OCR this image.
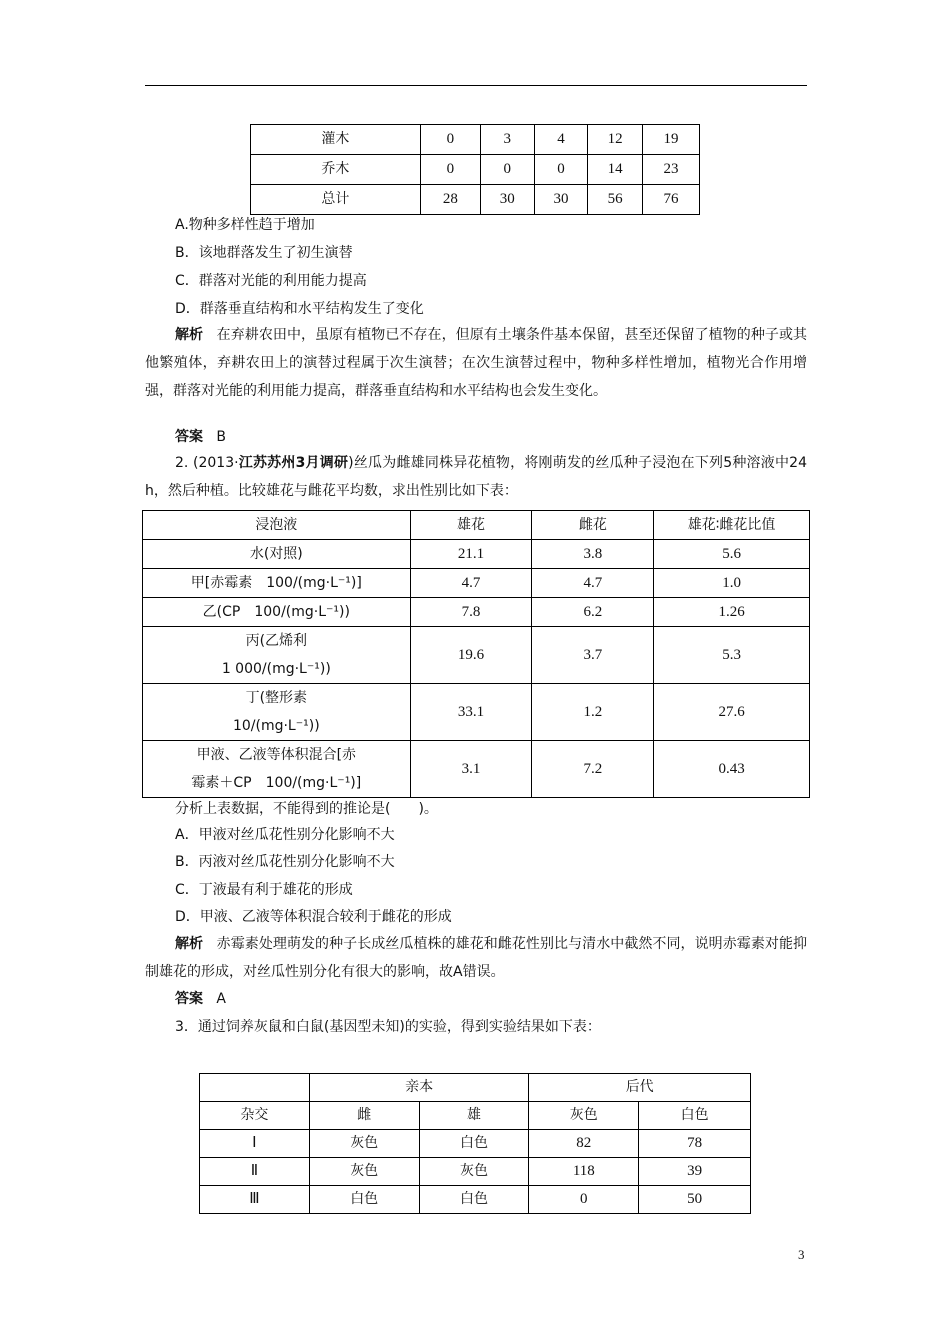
灌木	0	3	4	12	19
乔木	0	0	0	14	23
总计	28	30	30	56	76
A.物种多样性趋于增加
B．该地群落发生了初生演替
C．群落对光能的利用能力提高
D．群落垂直结构和水平结构发生了变化
解析 在弃耕农田中，虽原有植物已不存在，但原有土壤条件基本保留，甚至还保留了植物的种子或其他繁殖体，弃耕农田上的演替过程属于次生演替；在次生演替过程中，物种多样性增加，植物光合作用增强，群落对光能的利用能力提高，群落垂直结构和水平结构也会发生变化。
答案 B
2. (2013·江苏苏州3月调研)丝瓜为雌雄同株异花植物，将刚萌发的丝瓜种子浸泡在下列5种溶液中24 h，然后种植。比较雄花与雌花平均数，求出性别比如下表：
浸泡液	雄花	雌花	雄花∶雌花比值
水(对照)	21.1	3.8	5.6
甲[赤霉素　100/(mg·L⁻¹)]	4.7	4.7	1.0
乙(CP　100/(mg·L⁻¹))	7.8	6.2	1.26
丙(乙烯利
1 000/(mg·L⁻¹))	19.6	3.7	5.3
丁(整形素
10/(mg·L⁻¹))	33.1	1.2	27.6
甲液、乙液等体积混合[赤
霉素＋CP　100/(mg·L⁻¹)]	3.1	7.2	0.43
分析上表数据，不能得到的推论是(　　)。
A．甲液对丝瓜花性别分化影响不大
B．丙液对丝瓜花性别分化影响不大
C．丁液最有利于雄花的形成
D．甲液、乙液等体积混合较利于雌花的形成
解析 赤霉素处理萌发的种子长成丝瓜植株的雄花和雌花性别比与清水中截然不同，说明赤霉素对能抑制雄花的形成，对丝瓜性别分化有很大的影响，故A错误。
答案 A
3．通过饲养灰鼠和白鼠(基因型未知)的实验，得到实验结果如下表：
	亲本		后代	
杂交	雌	雄	灰色	白色
Ⅰ	灰色	白色	82	78
Ⅱ	灰色	灰色	118	39
Ⅲ	白色	白色	0	50
3
